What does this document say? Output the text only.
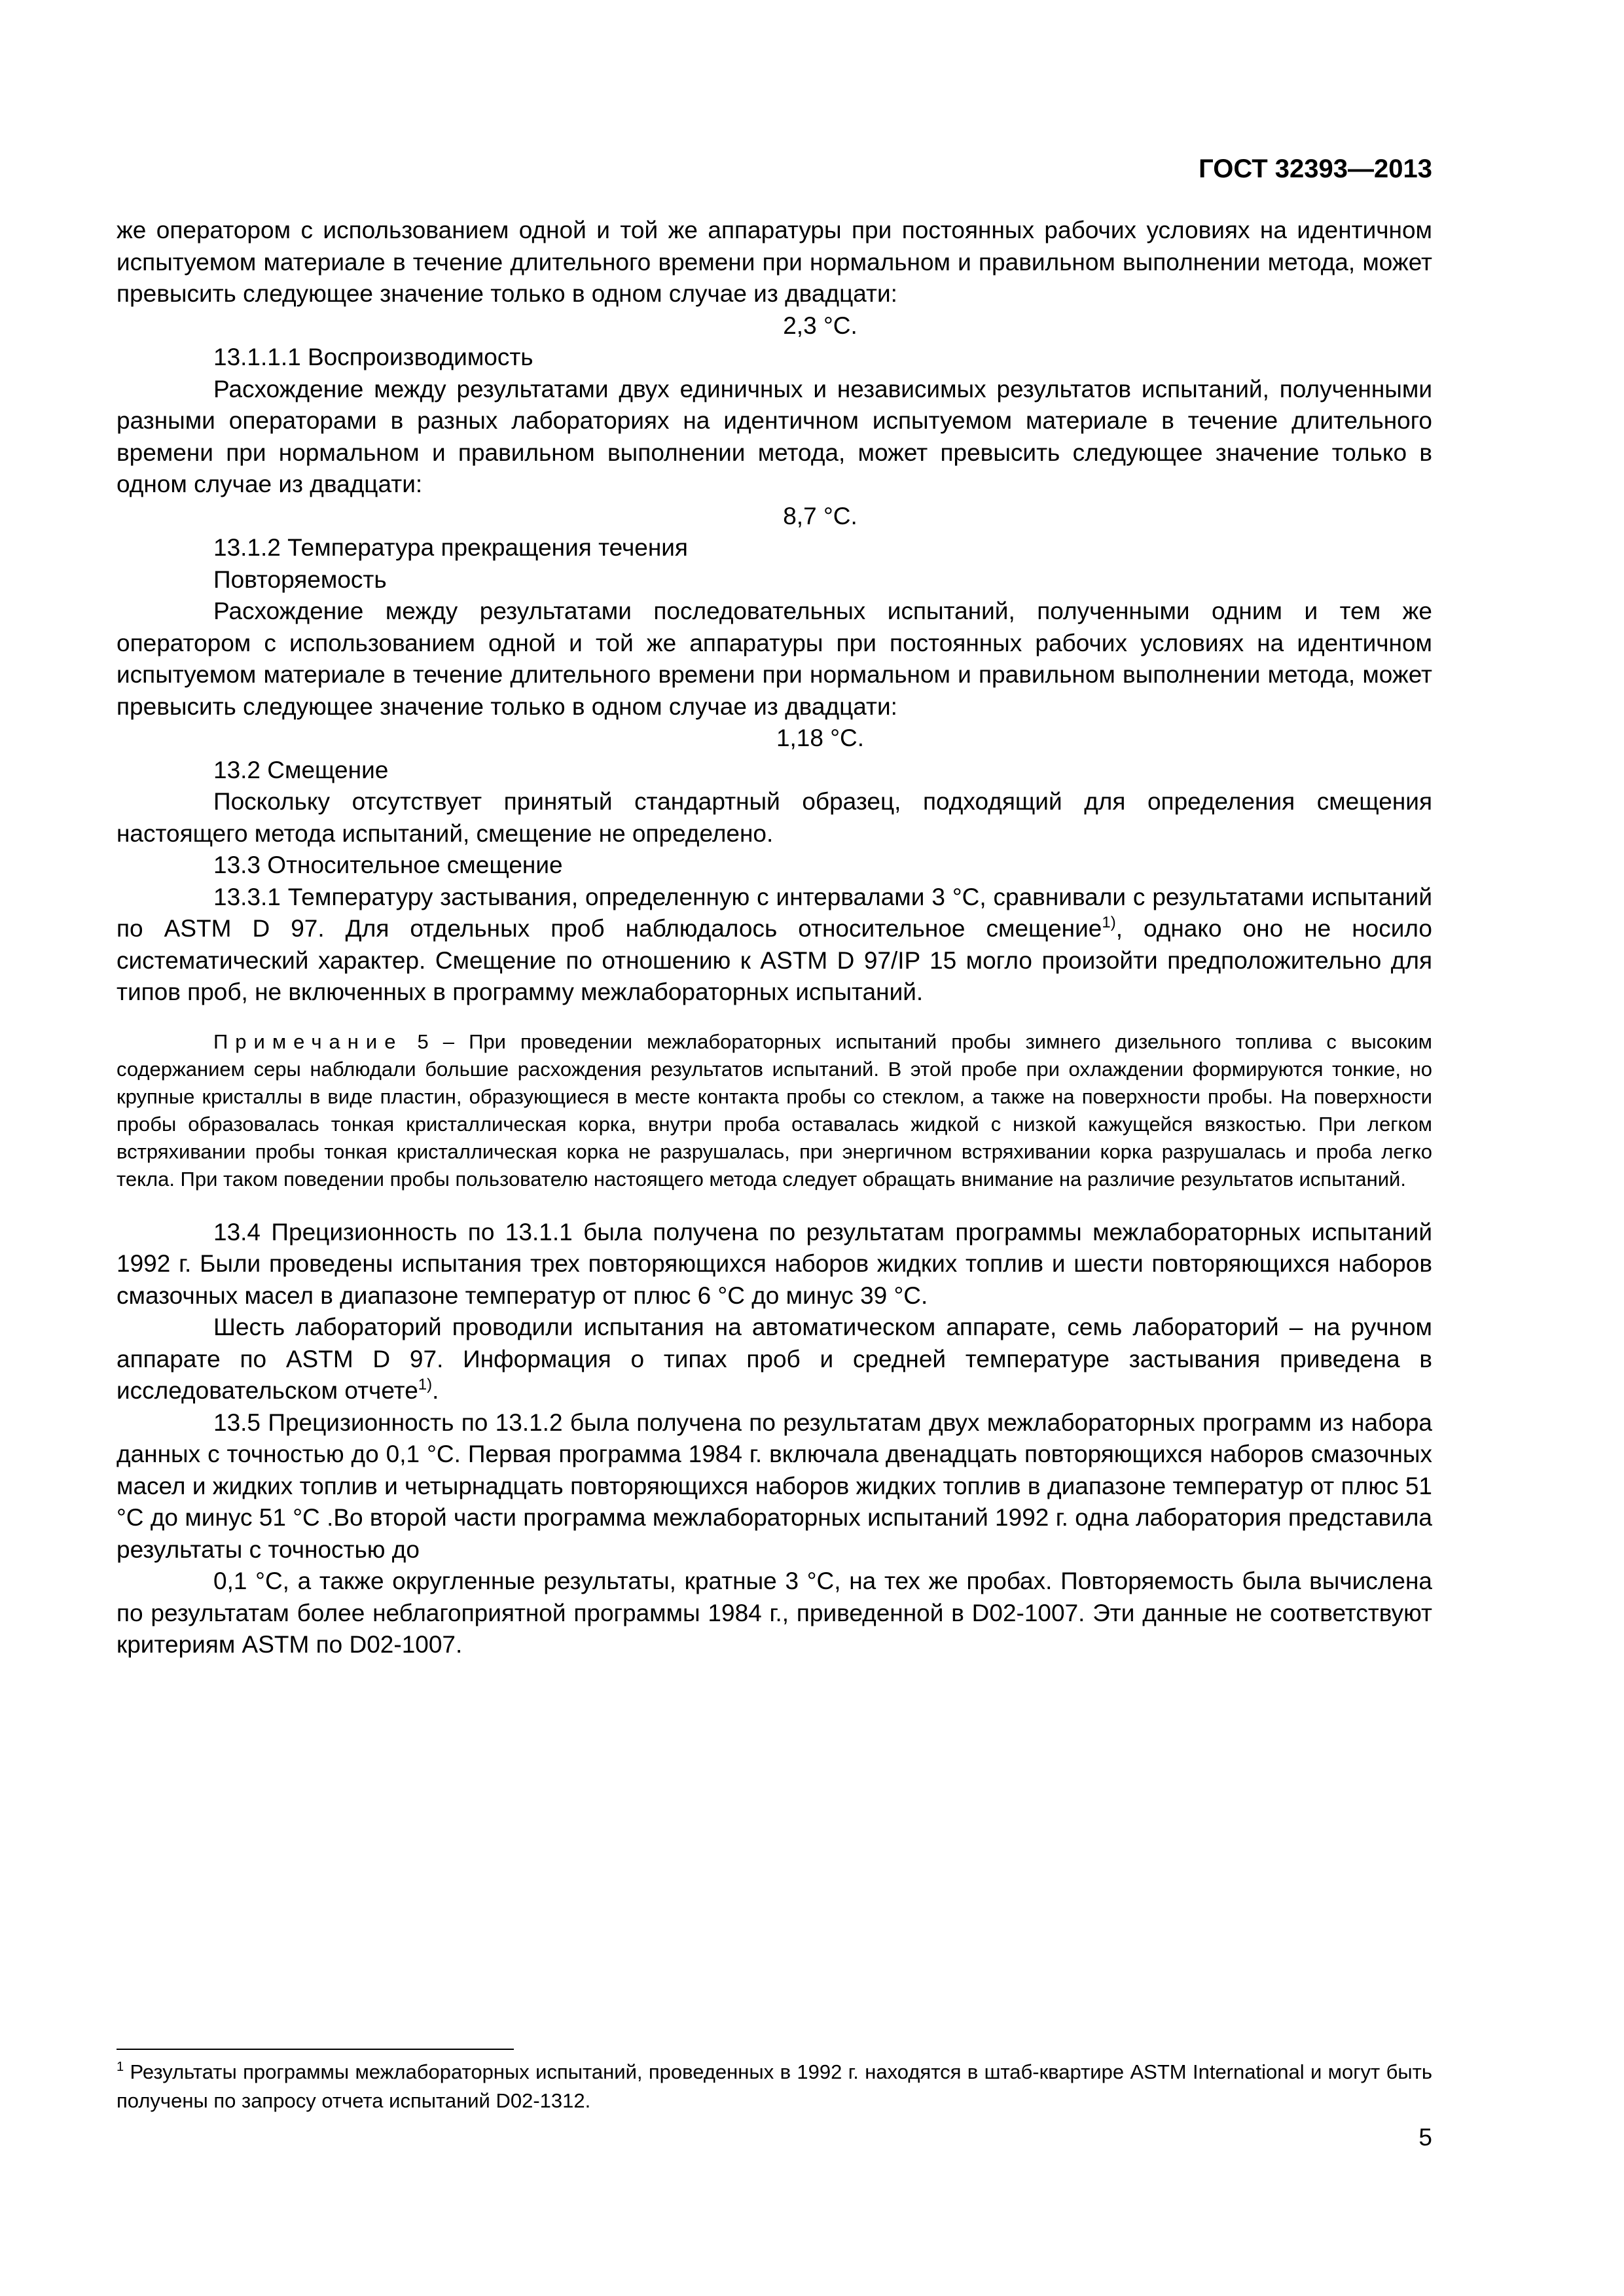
ГОСТ 32393—2013

же оператором с использованием одной и той же аппаратуры при постоянных рабочих условиях на идентичном испытуемом материале в течение длительного времени при нормальном и правильном выполнении метода, может превысить следующее значение только в одном случае из двадцати:

2,3 °С.

13.1.1.1 Воспроизводимость

Расхождение между результатами двух единичных и независимых результатов испытаний, полученными разными операторами в разных лабораториях на идентичном испытуемом материале в течение длительного времени при нормальном и правильном выполнении метода, может превысить следующее значение только в одном случае из двадцати:

8,7 °С.

13.1.2 Температура прекращения течения

Повторяемость

Расхождение между результатами последовательных испытаний, полученными одним и тем же оператором с использованием одной и той же аппаратуры при постоянных рабочих условиях на идентичном испытуемом материале в течение длительного времени при нормальном и правильном выполнении метода, может превысить следующее значение только в одном случае из двадцати:

1,18 °С.

13.2 Смещение

Поскольку отсутствует принятый стандартный образец, подходящий для определения смещения настоящего метода испытаний, смещение не определено.

13.3 Относительное смещение

13.3.1 Температуру застывания, определенную с интервалами 3 °С, сравнивали с результатами испытаний по ASTM D 97. Для отдельных проб наблюдалось относительное смещение$^{1)}$, однако оно не носило систематический характер. Смещение по отношению к ASTM D 97/IP 15 могло произойти предположительно для типов проб, не включенных в программу межлабораторных испытаний.

Примечание 5 – При проведении межлабораторных испытаний пробы зимнего дизельного топлива с высоким содержанием серы наблюдали большие расхождения результатов испытаний. В этой пробе при охлаждении формируются тонкие, но крупные кристаллы в виде пластин, образующиеся в месте контакта пробы со стеклом, а также на поверхности пробы. На поверхности пробы образовалась тонкая кристаллическая корка, внутри проба оставалась жидкой с низкой кажущейся вязкостью. При легком встряхивании пробы тонкая кристаллическая корка не разрушалась, при энергичном встряхивании корка разрушалась и проба легко текла. При таком поведении пробы пользователю настоящего метода следует обращать внимание на различие результатов испытаний.

13.4 Прецизионность по 13.1.1 была получена по результатам программы межлабораторных испытаний 1992 г. Были проведены испытания трех повторяющихся наборов жидких топлив и шести повторяющихся наборов смазочных масел в диапазоне температур от плюс 6 °С до минус 39 °С.

Шесть лабораторий проводили испытания на автоматическом аппарате, семь лабораторий – на ручном аппарате по ASTM D 97. Информация о типах проб и средней температуре застывания приведена в исследовательском отчете$^{1)}$.

13.5 Прецизионность по 13.1.2 была получена по результатам двух межлабораторных программ из набора данных с точностью до 0,1 °С. Первая программа 1984 г. включала двенадцать повторяющихся наборов смазочных масел и жидких топлив и четырнадцать повторяющихся наборов жидких топлив в диапазоне температур от плюс 51 °С до минус 51 °С .Во второй части программа межлабораторных испытаний 1992 г. одна лаборатория представила результаты с точностью до

0,1 °С, а также округленные результаты, кратные 3 °С, на тех же пробах. Повторяемость была вычислена по результатам более неблагоприятной программы 1984 г., приведенной в D02-1007. Эти данные не соответствуют критериям ASTM по D02-1007.

$^1$ Результаты программы межлабораторных испытаний, проведенных в 1992 г. находятся в штаб-квартире ASTM International и могут быть получены по запросу отчета испытаний D02-1312.

5
